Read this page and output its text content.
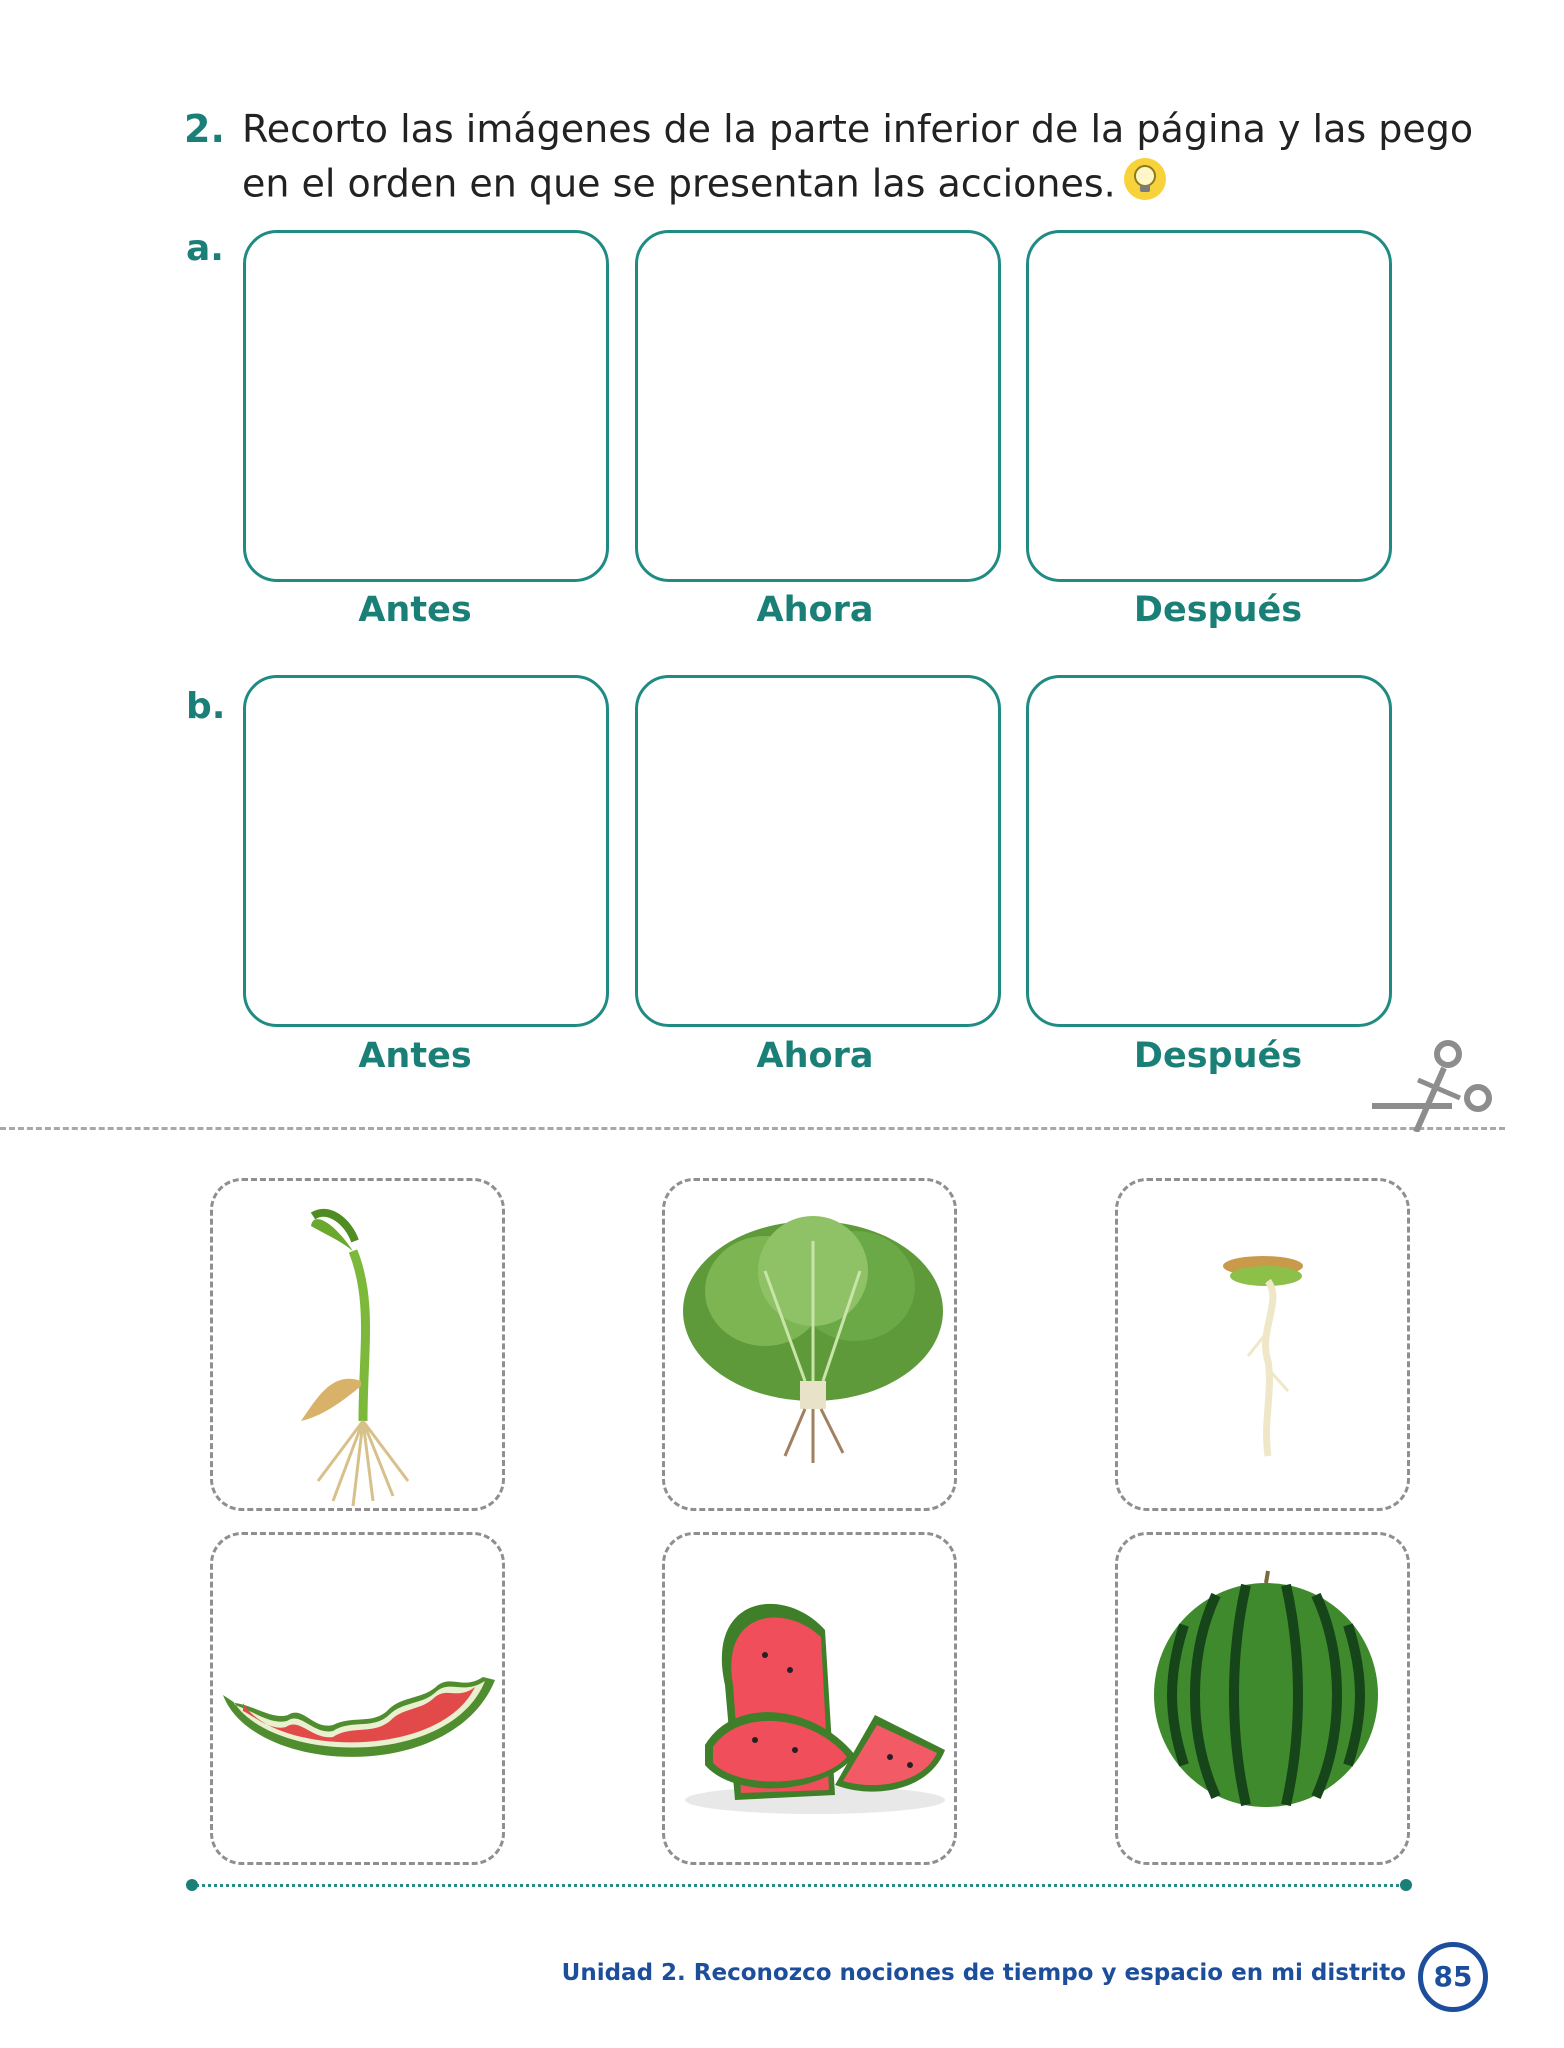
2. Recorto las imágenes de la parte inferior de la página y las pego
en el orden en que se presentan las acciones.
a.
Antes	Ahora	Después
b.
Antes	Ahora	Después
Unidad 2. Reconozco nociones de tiempo y espacio en mi distrito 85
